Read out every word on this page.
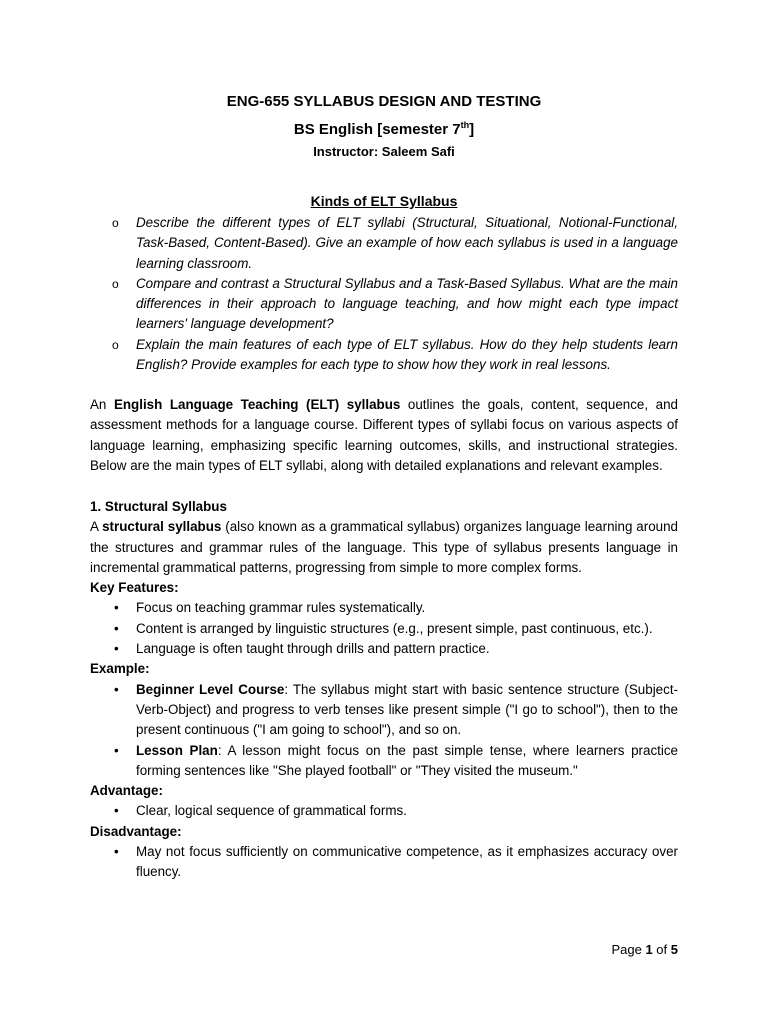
ENG-655 SYLLABUS DESIGN AND TESTING
BS English [semester 7th]
Instructor: Saleem Safi
Kinds of ELT Syllabus
o Describe the different types of ELT syllabi (Structural, Situational, Notional-Functional, Task-Based, Content-Based). Give an example of how each syllabus is used in a language learning classroom.
o Compare and contrast a Structural Syllabus and a Task-Based Syllabus. What are the main differences in their approach to language teaching, and how might each type impact learners' language development?
o Explain the main features of each type of ELT syllabus. How do they help students learn English? Provide examples for each type to show how they work in real lessons.
An English Language Teaching (ELT) syllabus outlines the goals, content, sequence, and assessment methods for a language course. Different types of syllabi focus on various aspects of language learning, emphasizing specific learning outcomes, skills, and instructional strategies. Below are the main types of ELT syllabi, along with detailed explanations and relevant examples.
1. Structural Syllabus
A structural syllabus (also known as a grammatical syllabus) organizes language learning around the structures and grammar rules of the language. This type of syllabus presents language in incremental grammatical patterns, progressing from simple to more complex forms.
Key Features:
• Focus on teaching grammar rules systematically.
• Content is arranged by linguistic structures (e.g., present simple, past continuous, etc.).
• Language is often taught through drills and pattern practice.
Example:
• Beginner Level Course: The syllabus might start with basic sentence structure (Subject-Verb-Object) and progress to verb tenses like present simple ("I go to school"), then to the present continuous ("I am going to school"), and so on.
• Lesson Plan: A lesson might focus on the past simple tense, where learners practice forming sentences like "She played football" or "They visited the museum."
Advantage:
• Clear, logical sequence of grammatical forms.
Disadvantage:
• May not focus sufficiently on communicative competence, as it emphasizes accuracy over fluency.
Page 1 of 5
